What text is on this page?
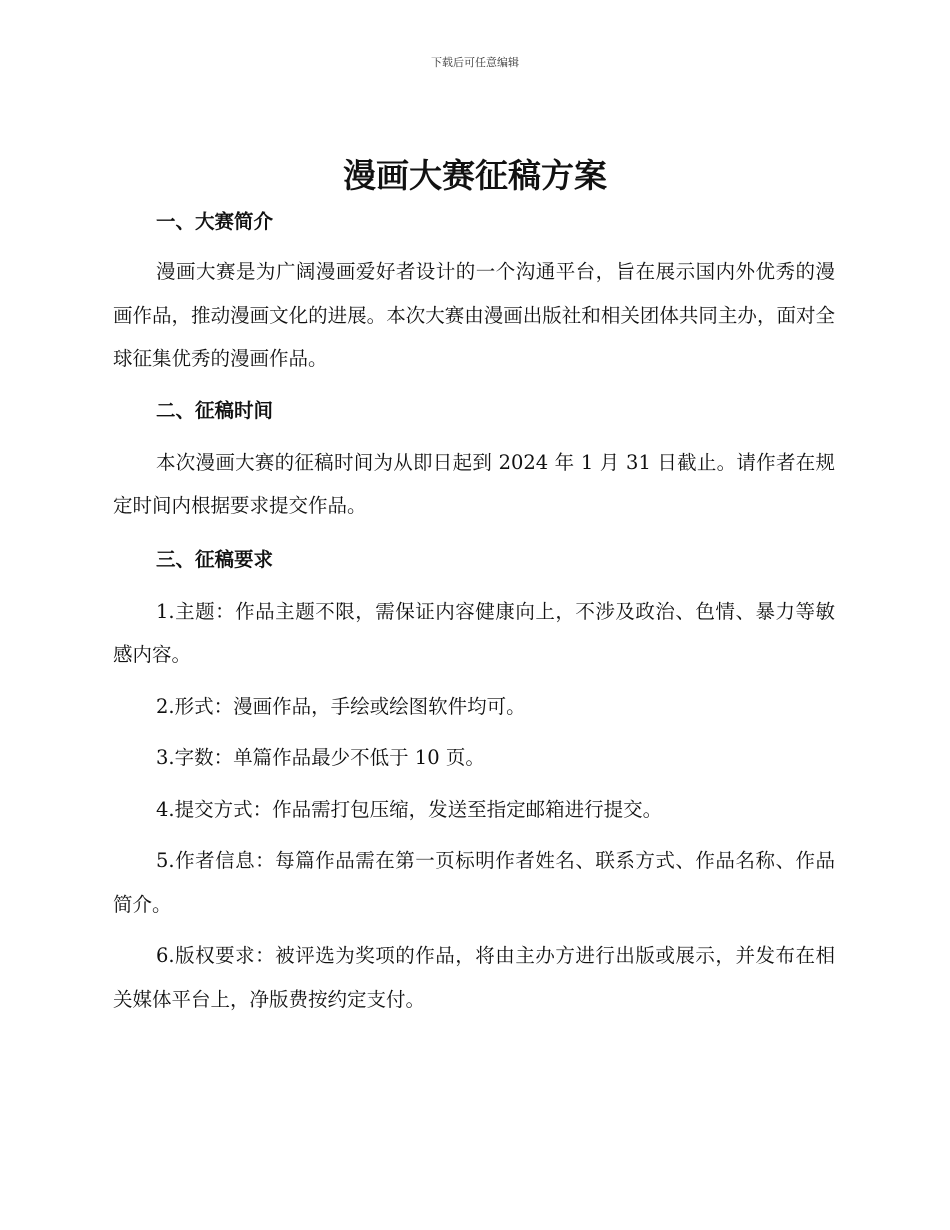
下载后可任意编辑
漫画大赛征稿方案
一、大赛简介

漫画大赛是为广阔漫画爱好者设计的一个沟通平台，旨在展示国内外优秀的漫画作品，推动漫画文化的进展。本次大赛由漫画出版社和相关团体共同主办，面对全球征集优秀的漫画作品。

二、征稿时间

本次漫画大赛的征稿时间为从即日起到 2024 年 1 月 31 日截止。请作者在规定时间内根据要求提交作品。

三、征稿要求

1.主题：作品主题不限，需保证内容健康向上，不涉及政治、色情、暴力等敏感内容。

2.形式：漫画作品，手绘或绘图软件均可。

3.字数：单篇作品最少不低于 10 页。

4.提交方式：作品需打包压缩，发送至指定邮箱进行提交。

5.作者信息：每篇作品需在第一页标明作者姓名、联系方式、作品名称、作品简介。

6.版权要求：被评选为奖项的作品，将由主办方进行出版或展示，并发布在相关媒体平台上，净版费按约定支付。
